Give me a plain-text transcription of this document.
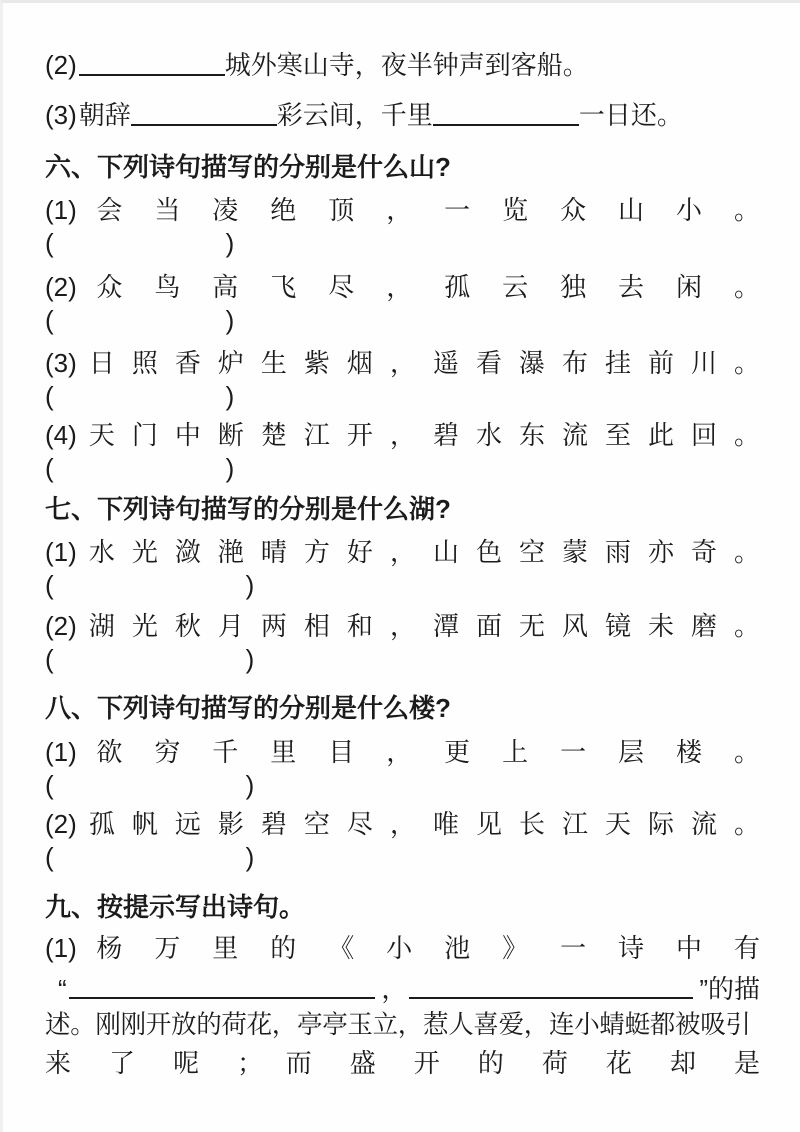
(2)	城外寒山寺，夜半钟声到客船。
(3)朝辞	彩云间，千里	一日还。
六、下列诗句描写的分别是什么山?
(1) 会 当 凌 绝 顶 ， 一 览 众 山 小 。
(	)
(2) 众 鸟 高 飞 尽 ， 孤 云 独 去 闲 。
(	)
(3) 日 照 香 炉 生 紫 烟 ， 遥 看 瀑 布 挂 前 川 。
(	)
(4) 天 门 中 断 楚 江 开 ， 碧 水 东 流 至 此 回 。
(	)
七、下列诗句描写的分别是什么湖?
(1) 水 光 潋 滟 晴 方 好 ， 山 色 空 蒙 雨 亦 奇 。
(	)
(2) 湖 光 秋 月 两 相 和 ， 潭 面 无 风 镜 未 磨 。
(	)
八、下列诗句描写的分别是什么楼?
(1) 欲 穷 千 里 目 ， 更 上 一 层 楼 。
(	)
(2) 孤 帆 远 影 碧 空 尽 ， 唯 见 长 江 天 际 流 。
(	)
九、按提示写出诗句。
(1) 杨 万 里 的 《 小 池 》 一 诗 中 有
“	，	” 的描
述。刚刚开放的荷花，亭亭玉立，惹人喜爱，连小蜻蜓都被吸引
来 了 呢 ； 而 盛 开 的 荷 花 却 是
